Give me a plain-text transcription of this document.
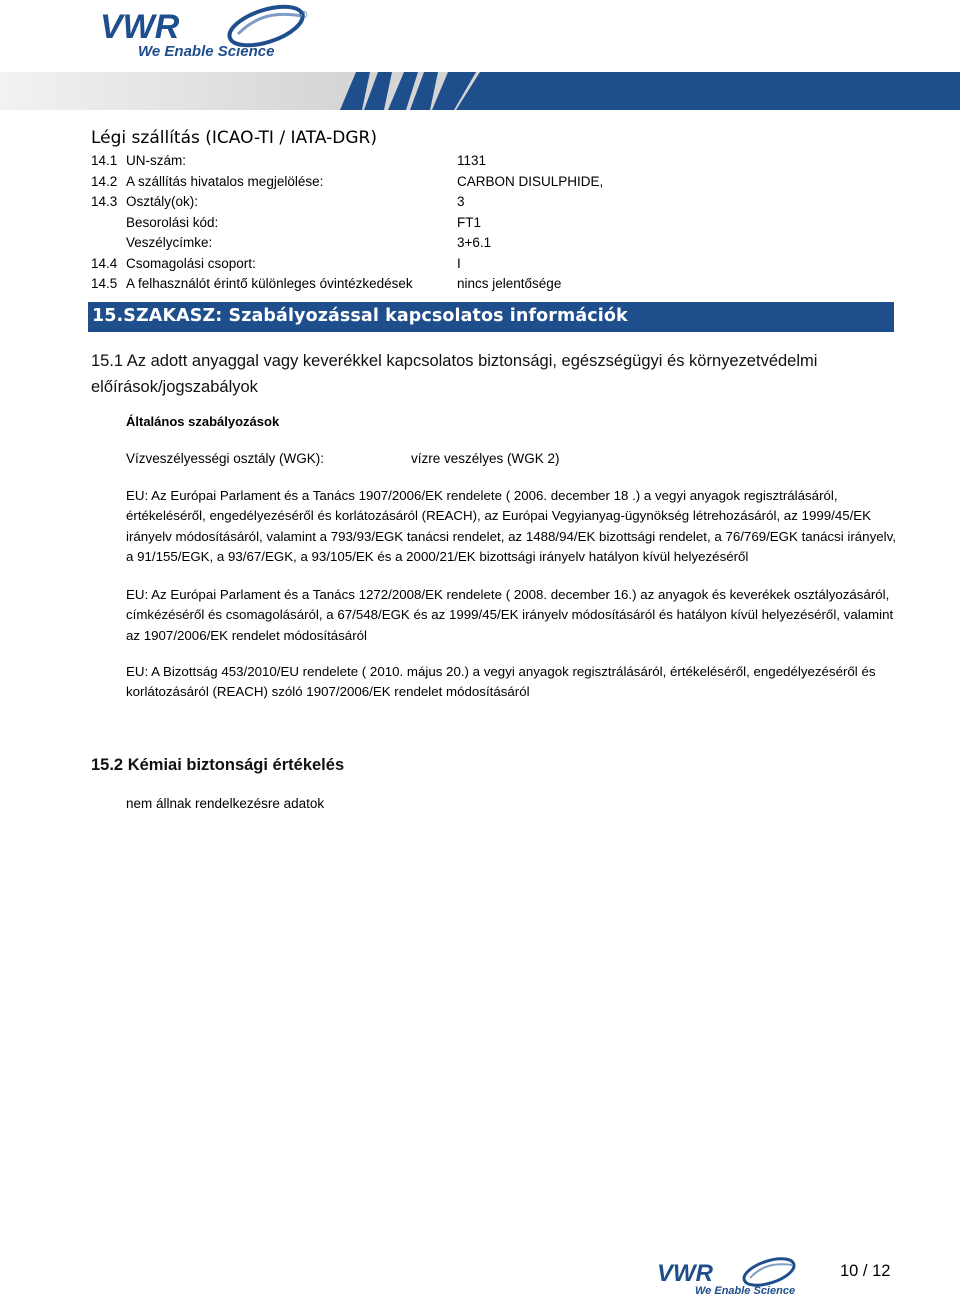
VWR	®
We Enable Science
Légi szállítás (ICAO-TI / IATA-DGR)
14.1 UN-szám:	1131
14.2 A szállítás hivatalos megjelölése:	CARBON DISULPHIDE,
14.3 Osztály(ok):	3
Besorolási kód:	FT1
Veszélycímke:	3+6.1
14.4 Csomagolási csoport:	I
14.5 A felhasználót érintő különleges óvintézkedések	nincs jelentősége
15.SZAKASZ: Szabályozással kapcsolatos információk
15.1 Az adott anyaggal vagy keverékkel kapcsolatos biztonsági, egészségügyi és környezetvédelmi előírások/jogszabályok
Általános szabályozások
Vízveszélyességi osztály (WGK):	vízre veszélyes (WGK 2)
EU: Az Európai Parlament és a Tanács 1907/2006/EK rendelete ( 2006. december 18 .) a vegyi anyagok regisztrálásáról, értékeléséről, engedélyezéséről és korlátozásáról (REACH), az Európai Vegyianyag-ügynökség létrehozásáról, az 1999/45/EK irányelv módosításáról, valamint a 793/93/EGK tanácsi rendelet, az 1488/94/EK bizottsági rendelet, a 76/769/EGK tanácsi irányelv, a 91/155/EGK, a 93/67/EGK, a 93/105/EK és a 2000/21/EK bizottsági irányelv hatályon kívül helyezéséről
EU: Az Európai Parlament és a Tanács 1272/2008/EK rendelete ( 2008. december 16.) az anyagok és keverékek osztályozásáról, címkézéséről és csomagolásáról, a 67/548/EGK és az 1999/45/EK irányelv módosításáról és hatályon kívül helyezéséről, valamint az 1907/2006/EK rendelet módosításáról
EU: A Bizottság 453/2010/EU rendelete ( 2010. május 20.) a vegyi anyagok regisztrálásáról, értékeléséről, engedélyezéséről és korlátozásáról (REACH) szóló 1907/2006/EK rendelet módosításáról
15.2 Kémiai biztonsági értékelés
nem állnak rendelkezésre adatok
VWR
We Enable Science
10 / 12
